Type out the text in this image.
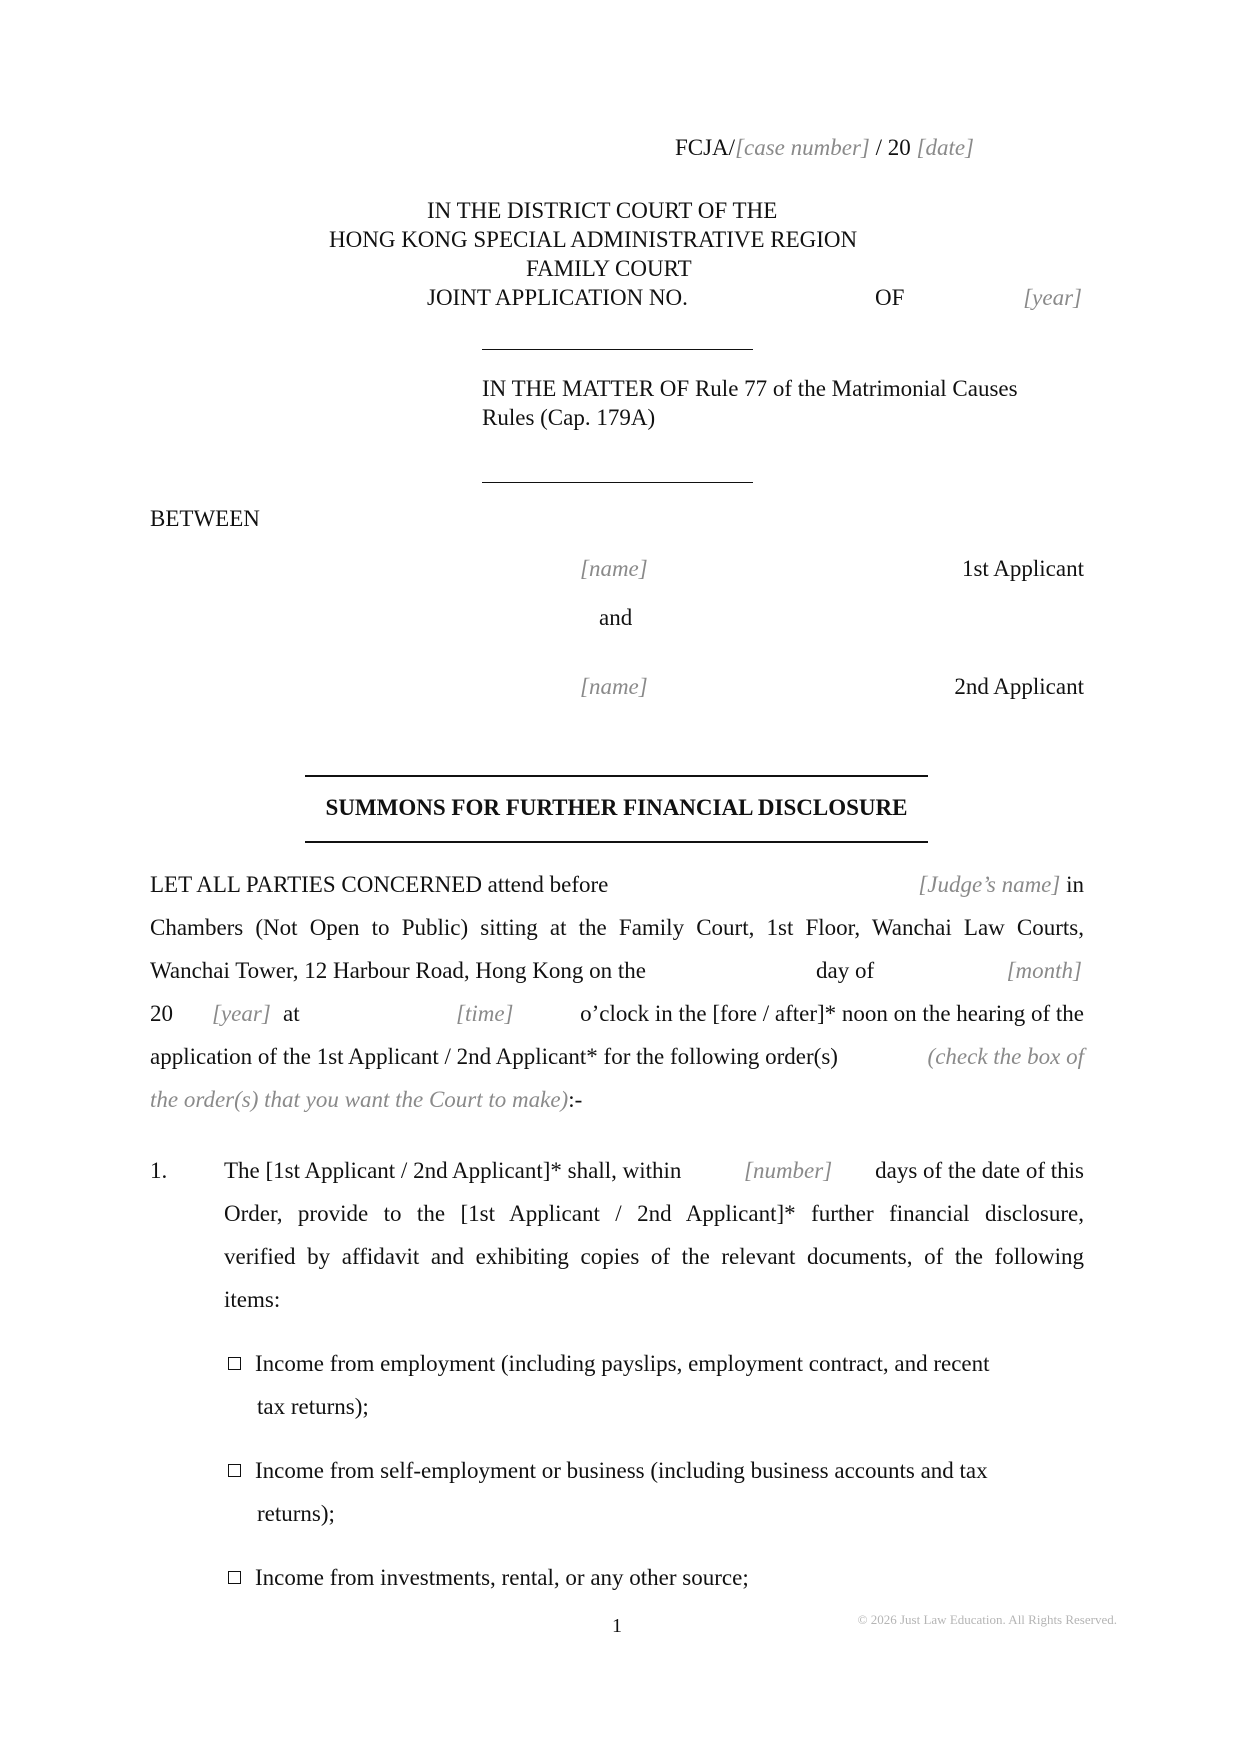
FCJA/[case number] / 20 [date]
IN THE DISTRICT COURT OF THE
HONG KONG SPECIAL ADMINISTRATIVE REGION
FAMILY COURT
JOINT APPLICATION NO.	OF	[year]
IN THE MATTER OF Rule 77 of the Matrimonial Causes
Rules (Cap. 179A)
BETWEEN
[name]	1st Applicant
and
[name]	2nd Applicant
SUMMONS FOR FURTHER FINANCIAL DISCLOSURE
LET ALL PARTIES CONCERNED attend before	[Judge’s name] in
Chambers (Not Open to Public) sitting at the Family Court, 1st Floor, Wanchai Law Courts,
Wanchai Tower, 12 Harbour Road, Hong Kong on the	day of	[month]
20 [year] at	[time]	o’clock in the [fore / after]* noon on the hearing of the
application of the 1st Applicant / 2nd Applicant* for the following order(s)	(check the box of
the order(s) that you want the Court to make):-
1. The [1st Applicant / 2nd Applicant]* shall, within	[number] days of the date of this
Order, provide to the [1st Applicant / 2nd Applicant]* further financial disclosure,
verified by affidavit and exhibiting copies of the relevant documents, of the following
items:
Income from employment (including payslips, employment contract, and recent
tax returns);
Income from self-employment or business (including business accounts and tax
returns);
Income from investments, rental, or any other source;
1	© 2026 Just Law Education. All Rights Reserved.
